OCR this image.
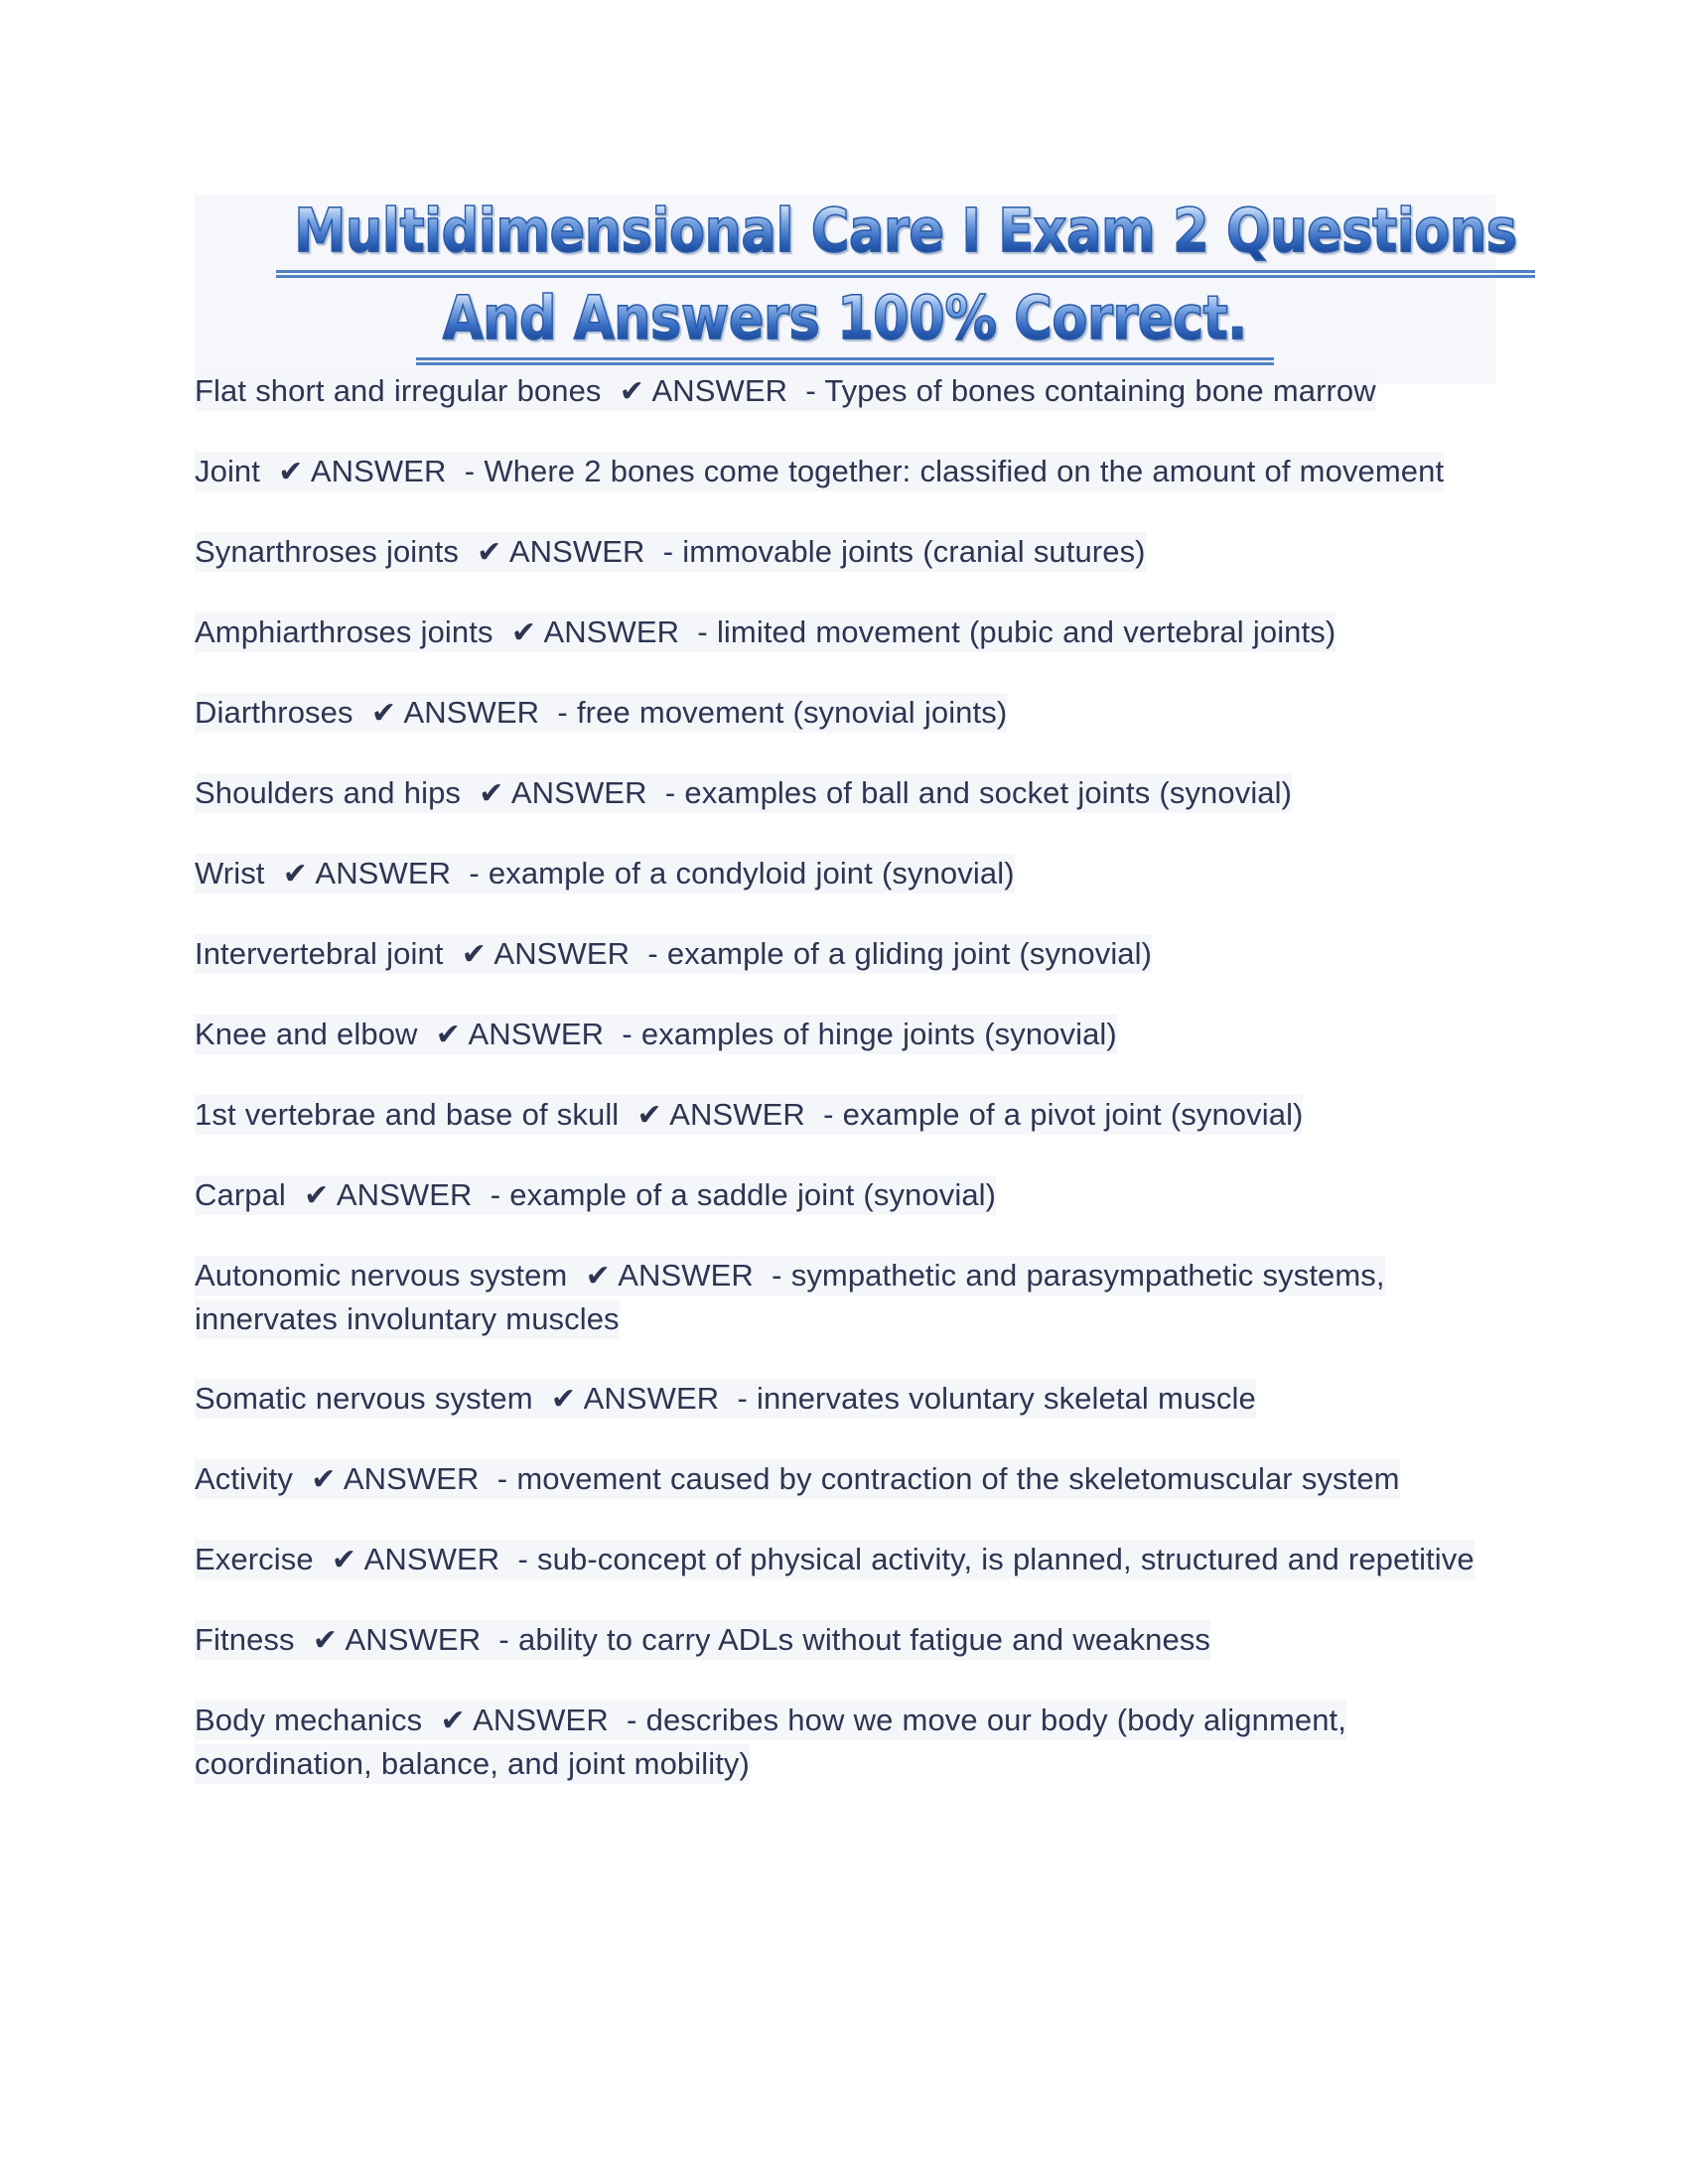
Multidimensional Care I Exam 2 Questions
And Answers 100% Correct.

Flat short and irregular bones ✔ ANSWER - Types of bones containing bone marrow

Joint ✔ ANSWER - Where 2 bones come together: classified on the amount of movement

Synarthroses joints ✔ ANSWER - immovable joints (cranial sutures)

Amphiarthroses joints ✔ ANSWER - limited movement (pubic and vertebral joints)

Diarthroses ✔ ANSWER - free movement (synovial joints)

Shoulders and hips ✔ ANSWER - examples of ball and socket joints (synovial)

Wrist ✔ ANSWER - example of a condyloid joint (synovial)

Intervertebral joint ✔ ANSWER - example of a gliding joint (synovial)

Knee and elbow ✔ ANSWER - examples of hinge joints (synovial)

1st vertebrae and base of skull ✔ ANSWER - example of a pivot joint (synovial)

Carpal ✔ ANSWER - example of a saddle joint (synovial)

Autonomic nervous system ✔ ANSWER - sympathetic and parasympathetic systems, innervates involuntary muscles

Somatic nervous system ✔ ANSWER - innervates voluntary skeletal muscle

Activity ✔ ANSWER - movement caused by contraction of the skeletomuscular system

Exercise ✔ ANSWER - sub-concept of physical activity, is planned, structured and repetitive

Fitness ✔ ANSWER - ability to carry ADLs without fatigue and weakness

Body mechanics ✔ ANSWER - describes how we move our body (body alignment, coordination, balance, and joint mobility)
